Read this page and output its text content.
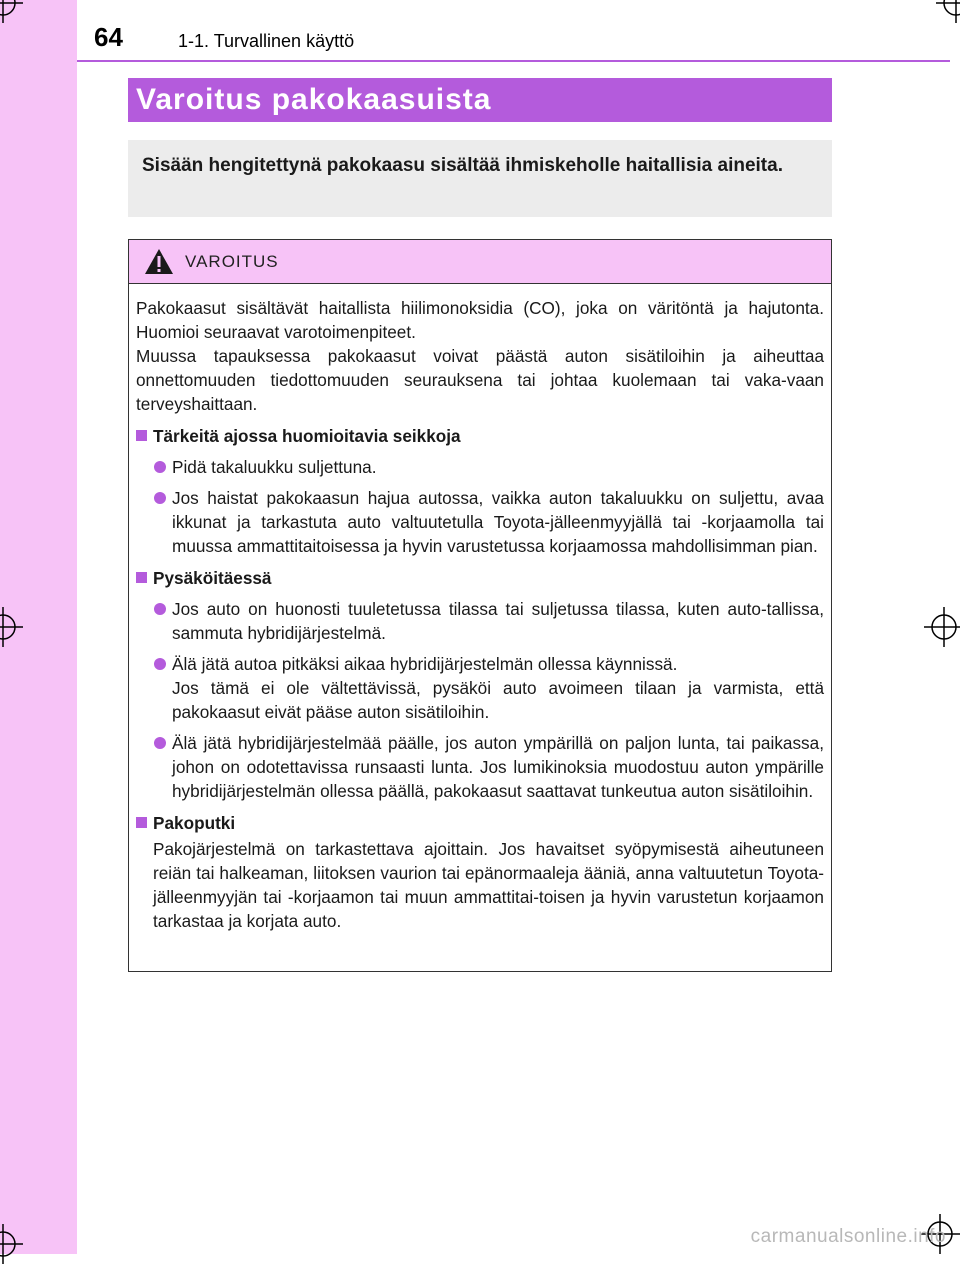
64	1-1. Turvallinen käyttö
Varoitus pakokaasuista
Sisään hengitettynä pakokaasu sisältää ihmiskeholle haitallisia aineita.
VAROITUS

Pakokaasut sisältävät haitallista hiilimonoksidia (CO), joka on väritöntä ja hajutonta. Huomioi seuraavat varotoimenpiteet.

Muussa tapauksessa pakokaasut voivat päästä auton sisätiloihin ja aiheuttaa onnettomuuden tiedottomuuden seurauksena tai johtaa kuolemaan tai vaka-vaan terveyshaittaan.

Tärkeitä ajossa huomioitavia seikkoja
Pidä takaluukku suljettuna.
Jos haistat pakokaasun hajua autossa, vaikka auton takaluukku on suljettu, avaa ikkunat ja tarkastuta auto valtuutetulla Toyota-jälleenmyyjällä tai -korjaamolla tai muussa ammattitaitoisessa ja hyvin varustetussa korjaamossa mahdollisimman pian.
Pysäköitäessä
Jos auto on huonosti tuuletetussa tilassa tai suljetussa tilassa, kuten auto-tallissa, sammuta hybridijärjestelmä.
Älä jätä autoa pitkäksi aikaa hybridijärjestelmän ollessa käynnissä.
Jos tämä ei ole vältettävissä, pysäköi auto avoimeen tilaan ja varmista, että pakokaasut eivät pääse auton sisätiloihin.
Älä jätä hybridijärjestelmää päälle, jos auton ympärillä on paljon lunta, tai paikassa, johon on odotettavissa runsaasti lunta. Jos lumikinoksia muodostuu auton ympärille hybridijärjestelmän ollessa päällä, pakokaasut saattavat tunkeutua auton sisätiloihin.
Pakoputki

Pakojärjestelmä on tarkastettava ajoittain. Jos havaitset syöpymisestä aiheutuneen reiän tai halkeaman, liitoksen vaurion tai epänormaaleja ääniä, anna valtuutetun Toyota-jälleenmyyjän tai -korjaamon tai muun ammattitai-toisen ja hyvin varustetun korjaamon tarkastaa ja korjata auto.

carmanualsonline.info
